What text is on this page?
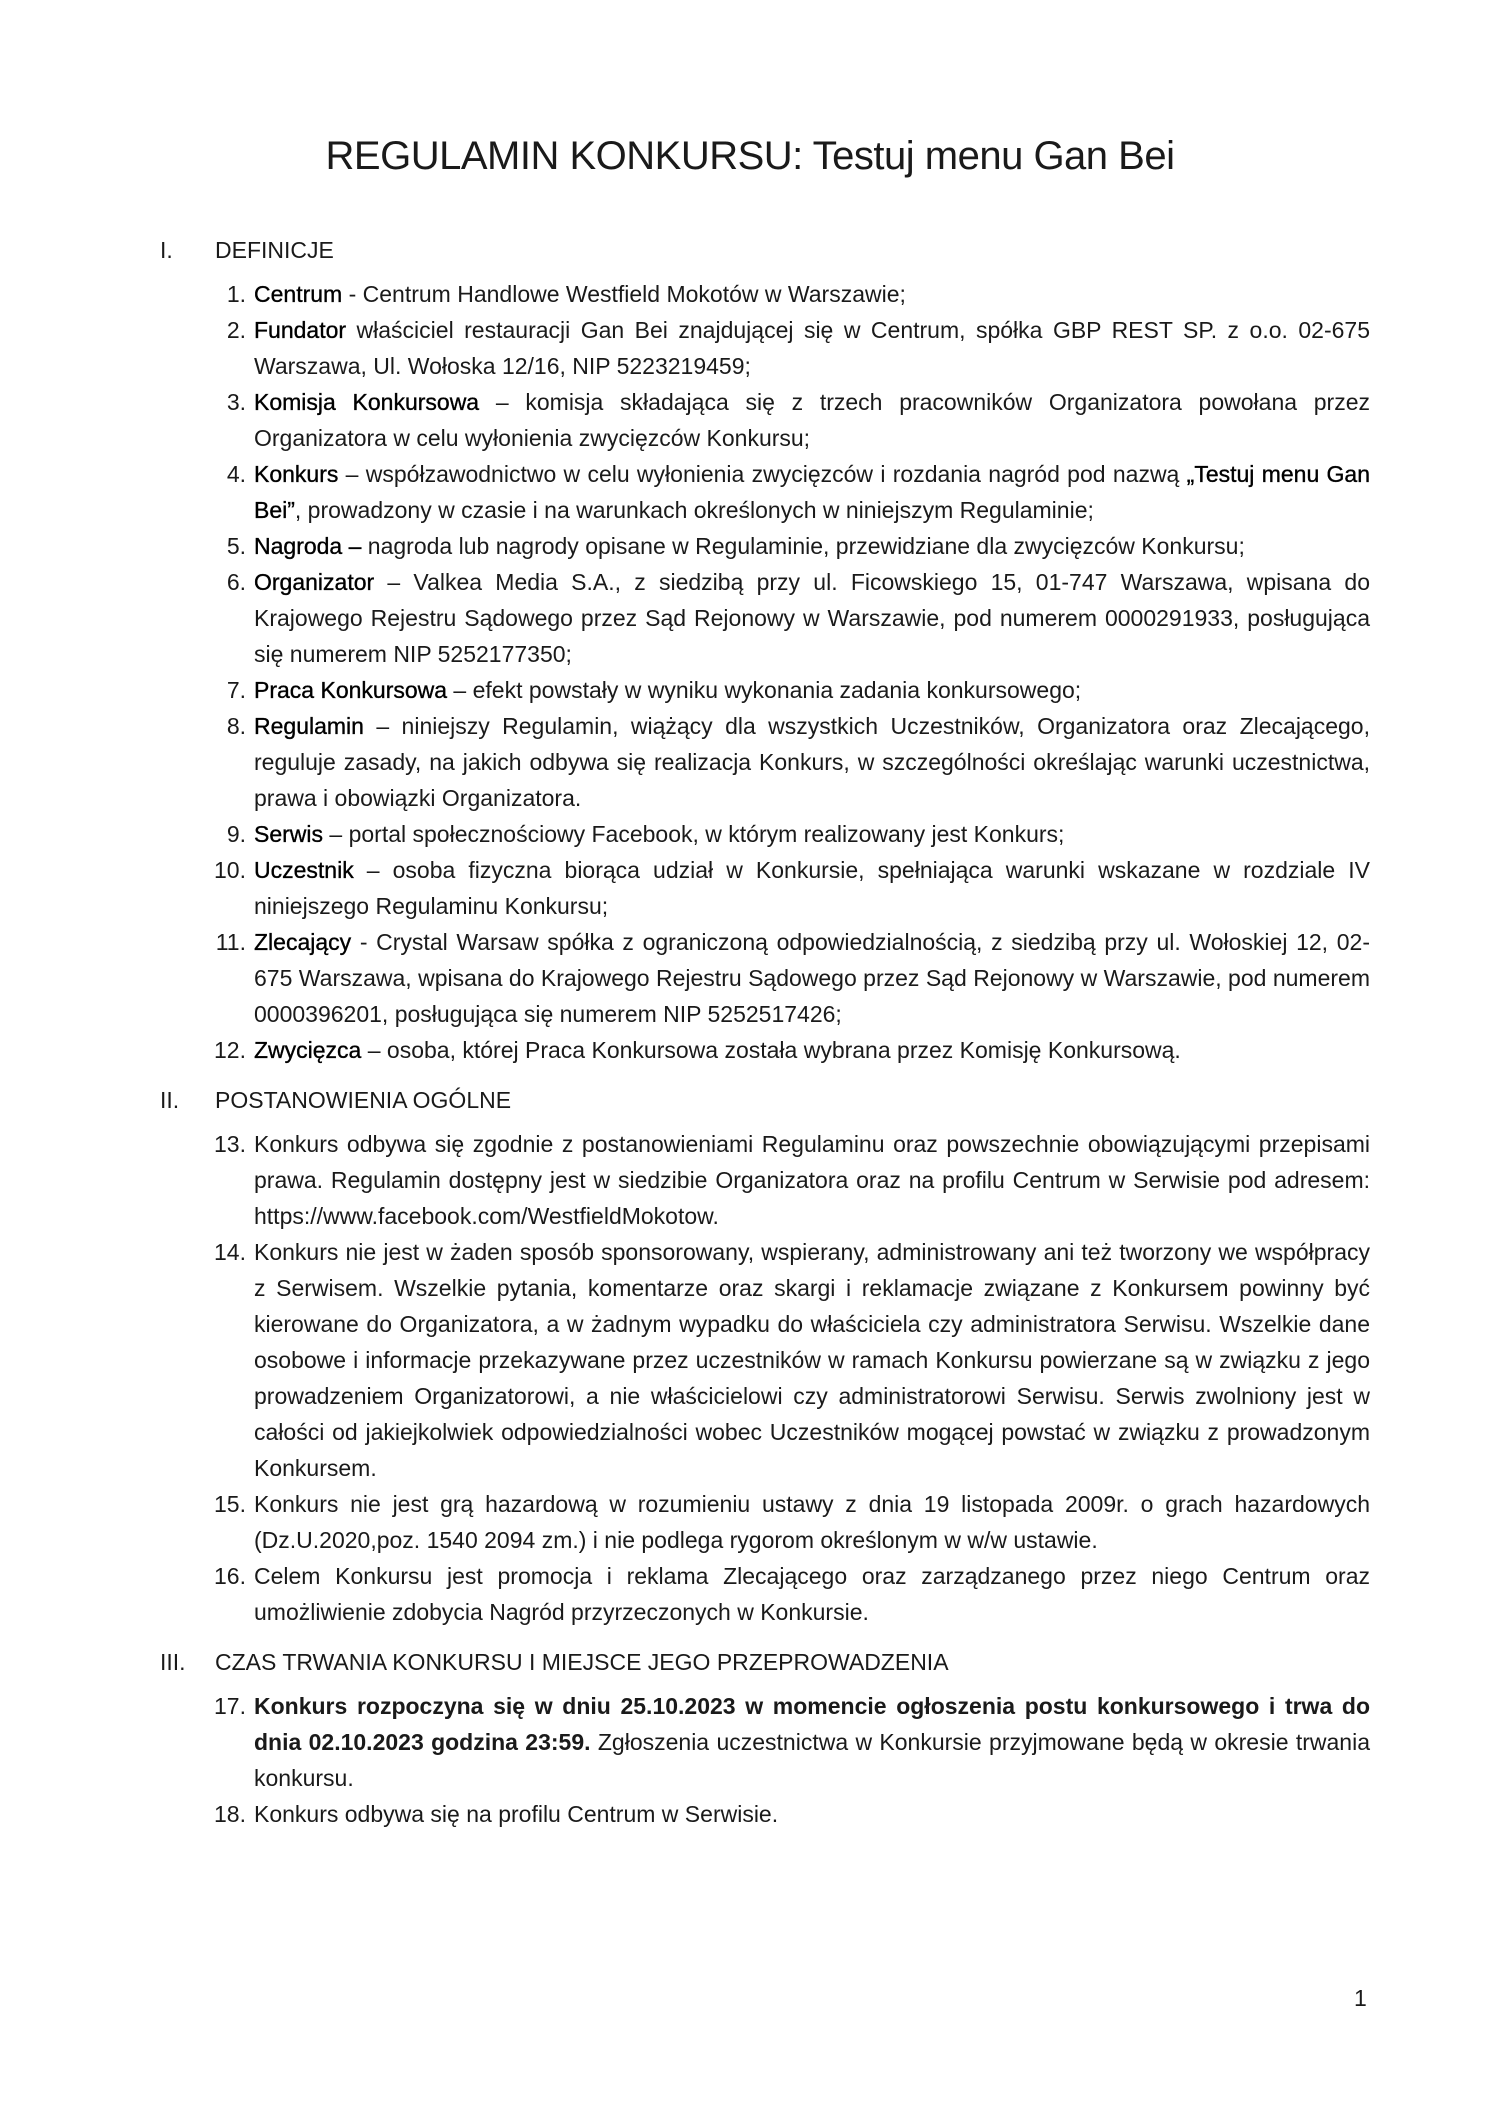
REGULAMIN KONKURSU: Testuj menu Gan Bei
I.	DEFINICJE
1. Centrum - Centrum Handlowe Westfield Mokotów w Warszawie;
2. Fundator właściciel restauracji Gan Bei znajdującej się w Centrum, spółka GBP REST SP. z o.o. 02-675 Warszawa, Ul. Wołoska 12/16, NIP 5223219459;
3. Komisja Konkursowa – komisja składająca się z trzech pracowników Organizatora powołana przez Organizatora w celu wyłonienia zwycięzców Konkursu;
4. Konkurs – współzawodnictwo w celu wyłonienia zwycięzców i rozdania nagród pod nazwą „Testuj menu Gan Bei”, prowadzony w czasie i na warunkach określonych w niniejszym Regulaminie;
5. Nagroda – nagroda lub nagrody opisane w Regulaminie, przewidziane dla zwycięzców Konkursu;
6. Organizator – Valkea Media S.A., z siedzibą przy ul. Ficowskiego 15, 01-747 Warszawa, wpisana do Krajowego Rejestru Sądowego przez Sąd Rejonowy w Warszawie, pod numerem 0000291933, posługująca się numerem NIP 5252177350;
7. Praca Konkursowa – efekt powstały w wyniku wykonania zadania konkursowego;
8. Regulamin – niniejszy Regulamin, wiążący dla wszystkich Uczestników, Organizatora oraz Zlecającego, reguluje zasady, na jakich odbywa się realizacja Konkurs, w szczególności określając warunki uczestnictwa, prawa i obowiązki Organizatora.
9. Serwis – portal społecznościowy Facebook, w którym realizowany jest Konkurs;
10. Uczestnik – osoba fizyczna biorąca udział w Konkursie, spełniająca warunki wskazane w rozdziale IV niniejszego Regulaminu Konkursu;
11. Zlecający - Crystal Warsaw spółka z ograniczoną odpowiedzialnością, z siedzibą przy ul. Wołoskiej 12, 02-675 Warszawa, wpisana do Krajowego Rejestru Sądowego przez Sąd Rejonowy w Warszawie, pod numerem 0000396201, posługująca się numerem NIP 5252517426;
12. Zwycięzca – osoba, której Praca Konkursowa została wybrana przez Komisję Konkursową.
II.	POSTANOWIENIA OGÓLNE
13. Konkurs odbywa się zgodnie z postanowieniami Regulaminu oraz powszechnie obowiązującymi przepisami prawa. Regulamin dostępny jest w siedzibie Organizatora oraz na profilu Centrum w Serwisie pod adresem: https://www.facebook.com/WestfieldMokotow.
14. Konkurs nie jest w żaden sposób sponsorowany, wspierany, administrowany ani też tworzony we współpracy z Serwisem. Wszelkie pytania, komentarze oraz skargi i reklamacje związane z Konkursem powinny być kierowane do Organizatora, a w żadnym wypadku do właściciela czy administratora Serwisu. Wszelkie dane osobowe i informacje przekazywane przez uczestników w ramach Konkursu powierzane są w związku z jego prowadzeniem Organizatorowi, a nie właścicielowi czy administratorowi Serwisu. Serwis zwolniony jest w całości od jakiejkolwiek odpowiedzialności wobec Uczestników mogącej powstać w związku z prowadzonym Konkursem.
15. Konkurs nie jest grą hazardową w rozumieniu ustawy z dnia 19 listopada 2009r. o grach hazardowych (Dz.U.2020,poz. 1540 2094 zm.) i nie podlega rygorom określonym w w/w ustawie.
16. Celem Konkursu jest promocja i reklama Zlecającego oraz zarządzanego przez niego Centrum oraz umożliwienie zdobycia Nagród przyrzeczonych w Konkursie.
III.	CZAS TRWANIA KONKURSU I MIEJSCE JEGO PRZEPROWADZENIA
17. Konkurs rozpoczyna się w dniu 25.10.2023 w momencie ogłoszenia postu konkursowego i trwa do dnia 02.10.2023 godzina 23:59. Zgłoszenia uczestnictwa w Konkursie przyjmowane będą w okresie trwania konkursu.
18. Konkurs odbywa się na profilu Centrum w Serwisie.
1
